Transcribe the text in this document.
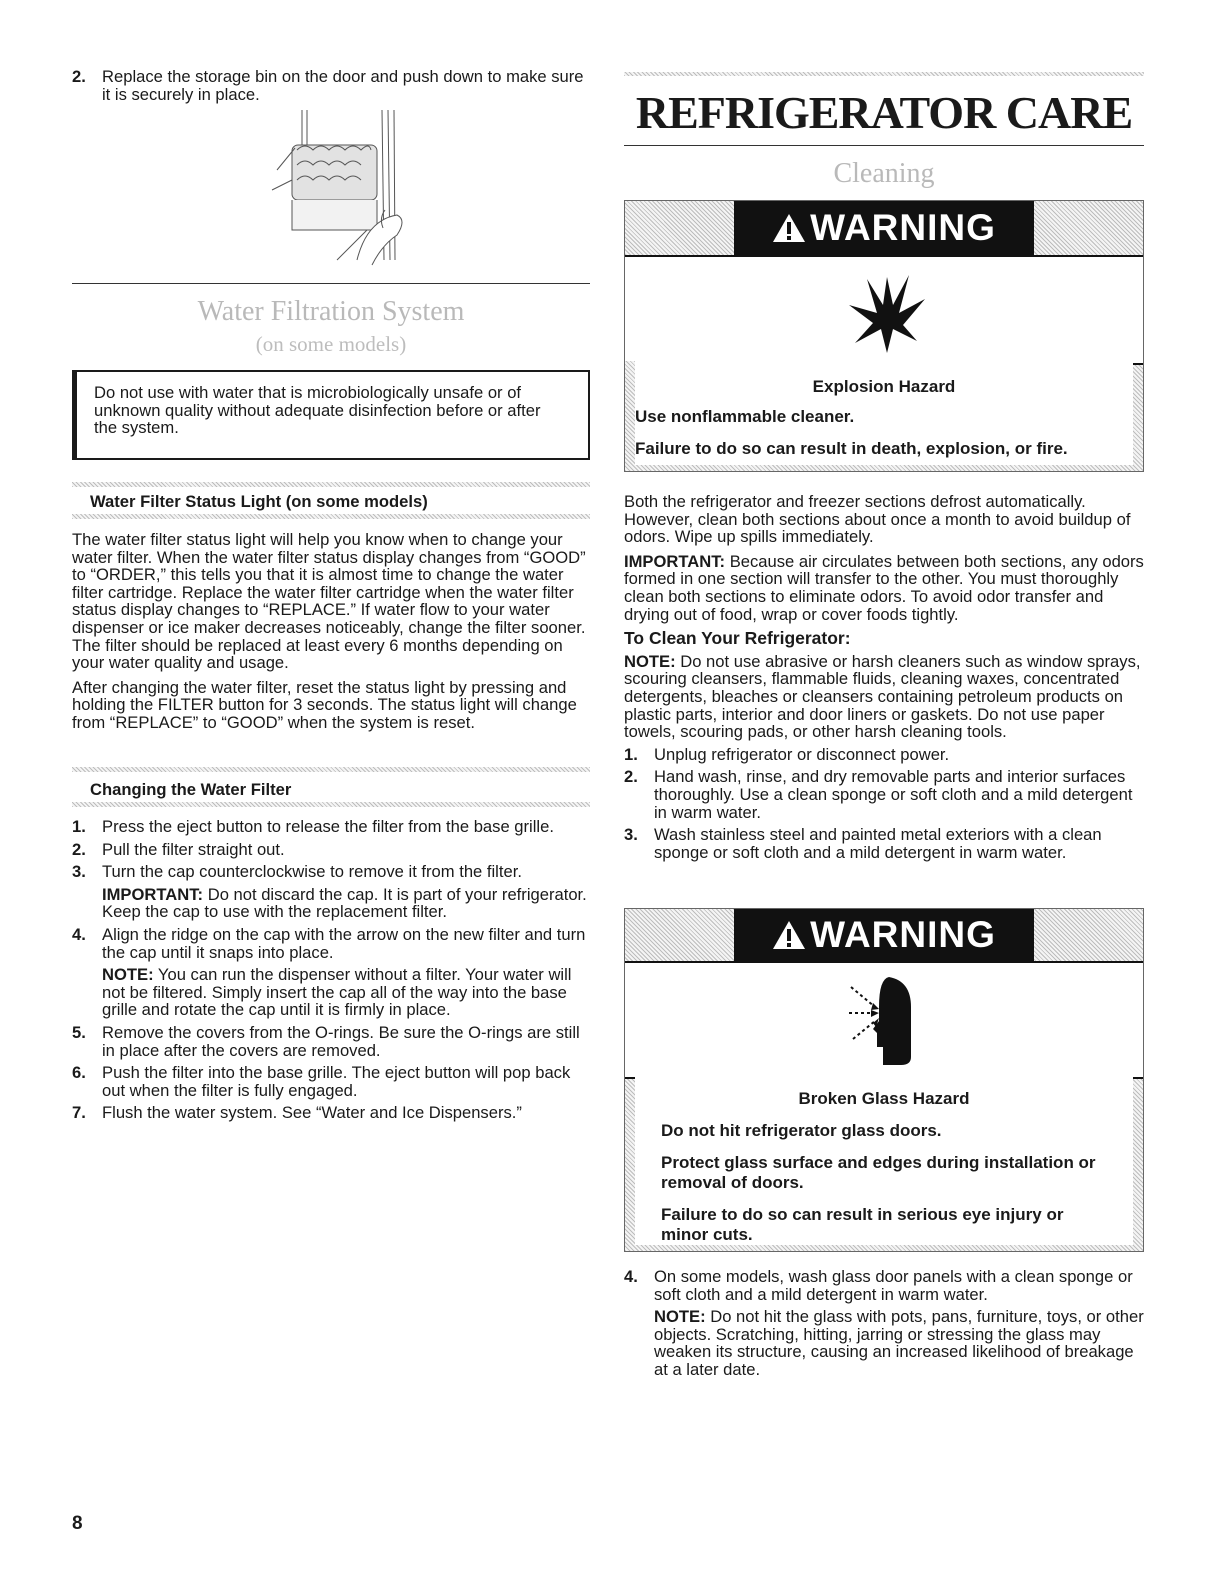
2. Replace the storage bin on the door and push down to make sure it is securely in place.
Water Filtration System
(on some models)

Do not use with water that is microbiologically unsafe or of unknown quality without adequate disinfection before or after the system.

Water Filter Status Light (on some models)

The water filter status light will help you know when to change your water filter. When the water filter status display changes from “GOOD” to “ORDER,” this tells you that it is almost time to change the water filter cartridge. Replace the water filter cartridge when the water filter status display changes to “REPLACE.” If water flow to your water dispenser or ice maker decreases noticeably, change the filter sooner. The filter should be replaced at least every 6 months depending on your water quality and usage.

After changing the water filter, reset the status light by pressing and holding the FILTER button for 3 seconds. The status light will change from “REPLACE” to “GOOD” when the system is reset.

Changing the Water Filter
1. Press the eject button to release the filter from the base grille.
2. Pull the filter straight out.
3. Turn the cap counterclockwise to remove it from the filter.

IMPORTANT: Do not discard the cap. It is part of your refrigerator. Keep the cap to use with the replacement filter.

4. Align the ridge on the cap with the arrow on the new filter and turn the cap until it snaps into place.

NOTE: You can run the dispenser without a filter. Your water will not be filtered. Simply insert the cap all of the way into the base grille and rotate the cap until it is firmly in place.

5. Remove the covers from the O-rings. Be sure the O-rings are still in place after the covers are removed.
6. Push the filter into the base grille. The eject button will pop back out when the filter is fully engaged.
7. Flush the water system. See “Water and Ice Dispensers.”
8
REFRIGERATOR CARE
Cleaning
WARNING
Explosion Hazard
Use nonflammable cleaner.
Failure to do so can result in death, explosion, or fire.

Both the refrigerator and freezer sections defrost automatically. However, clean both sections about once a month to avoid buildup of odors. Wipe up spills immediately.

IMPORTANT: Because air circulates between both sections, any odors formed in one section will transfer to the other. You must thoroughly clean both sections to eliminate odors. To avoid odor transfer and drying out of food, wrap or cover foods tightly.

To Clean Your Refrigerator:

NOTE: Do not use abrasive or harsh cleaners such as window sprays, scouring cleansers, flammable fluids, cleaning waxes, concentrated detergents, bleaches or cleansers containing petroleum products on plastic parts, interior and door liners or gaskets. Do not use paper towels, scouring pads, or other harsh cleaning tools.

1. Unplug refrigerator or disconnect power.
2. Hand wash, rinse, and dry removable parts and interior surfaces thoroughly. Use a clean sponge or soft cloth and a mild detergent in warm water.
3. Wash stainless steel and painted metal exteriors with a clean sponge or soft cloth and a mild detergent in warm water.
WARNING
Broken Glass Hazard
Do not hit refrigerator glass doors.
Protect glass surface and edges during installation or removal of doors.
Failure to do so can result in serious eye injury or minor cuts.
4. On some models, wash glass door panels with a clean sponge or soft cloth and a mild detergent in warm water.

NOTE: Do not hit the glass with pots, pans, furniture, toys, or other objects. Scratching, hitting, jarring or stressing the glass may weaken its structure, causing an increased likelihood of breakage at a later date.
